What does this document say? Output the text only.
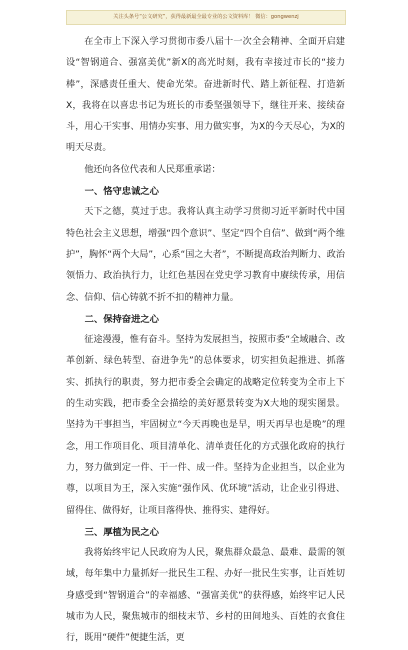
关注头条号“公文研究”，获得最新最全最专业的公文资料库！ 微信：gongwenzj

在全市上下深入学习贯彻市委八届十一次全会精神、全面开启建设“智钢道合、强富美优”新X的高光时刻，我有幸接过市长的“接力棒”，深感责任重大、使命光荣。奋进新时代、踏上新征程、打造新X，我将在以喜忠书记为班长的市委坚强领导下，继往开来、接续奋斗，用心干实事、用情办实事、用力做实事，为X的今天尽心，为X的明天尽责。

他还向各位代表和人民郑重承诺：

一、恪守忠诚之心

天下之德，莫过于忠。我将认真主动学习贯彻习近平新时代中国特色社会主义思想，增强“四个意识”、坚定“四个自信”、做到“两个维护”，胸怀“两个大局”，心系“国之大者”，不断提高政治判断力、政治领悟力、政治执行力，让红色基因在党史学习教育中赓续传承，用信念、信仰、信心铸就不折不扣的精神力量。

二、保持奋进之心

征途漫漫，惟有奋斗。坚持为发展担当，按照市委“全域融合、改革创新、绿色转型、奋进争先”的总体要求，切实担负起推进、抓落实、抓执行的职责，努力把市委全会确定的战略定位转变为全市上下的生动实践，把市委全会描绘的美好愿景转变为X大地的现实图景。坚持为干事担当，牢固树立“今天再晚也是早，明天再早也是晚”的理念，用工作项目化、项目清单化、清单责任化的方式强化政府的执行力，努力做到定一件、干一件、成一件。坚持为企业担当，以企业为尊，以项目为王，深入实施“强作风、优环境”活动，让企业引得进、留得住、做得好，让项目落得快、推得实、建得好。

三、厚植为民之心

我将始终牢记人民政府为人民，聚焦群众最急、最难、最需的领域，每年集中力量抓好一批民生工程、办好一批民生实事，让百姓切身感受到“智钢道合”的幸福感、“强富美优”的获得感，始终牢记人民城市为人民，聚焦城市的细枝末节、乡村的田间地头、百姓的衣食住行，既用“硬件”便捷生活，更
